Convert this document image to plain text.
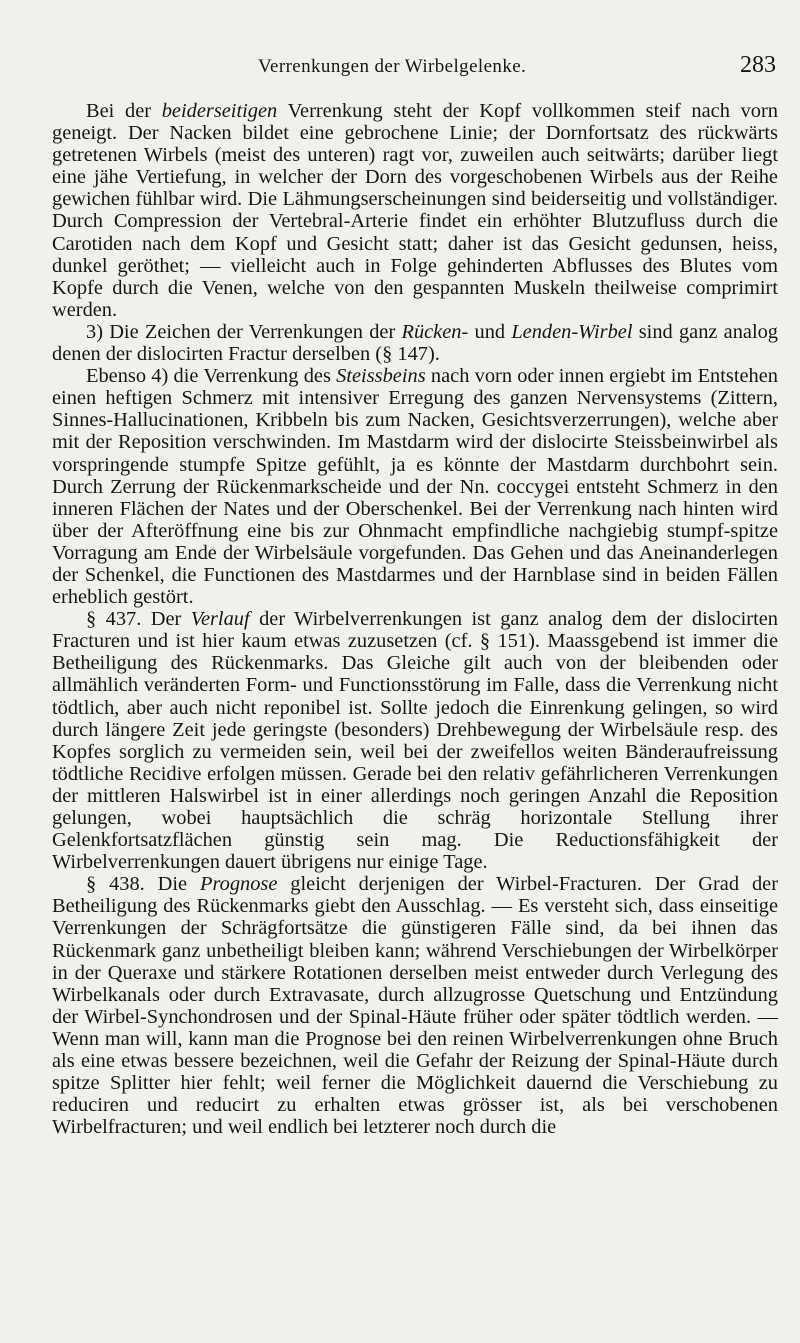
Verrenkungen der Wirbelgelenke.	283

Bei der beiderseitigen Verrenkung steht der Kopf vollkommen steif nach vorn geneigt. Der Nacken bildet eine gebrochene Linie; der Dornfortsatz des rückwärts getretenen Wirbels (meist des unteren) ragt vor, zuweilen auch seitwärts; darüber liegt eine jähe Vertiefung, in welcher der Dorn des vorgeschobenen Wirbels aus der Reihe gewichen fühlbar wird. Die Lähmungserscheinungen sind beiderseitig und vollständiger. Durch Compression der Vertebral-Arterie findet ein erhöhter Blutzufluss durch die Carotiden nach dem Kopf und Gesicht statt; daher ist das Gesicht gedunsen, heiss, dunkel geröthet; — vielleicht auch in Folge gehinderten Abflusses des Blutes vom Kopfe durch die Venen, welche von den gespannten Muskeln theilweise comprimirt werden.

3) Die Zeichen der Verrenkungen der Rücken- und Lenden-Wirbel sind ganz analog denen der dislocirten Fractur derselben (§ 147).

Ebenso 4) die Verrenkung des Steissbeins nach vorn oder innen ergiebt im Entstehen einen heftigen Schmerz mit intensiver Erregung des ganzen Nervensystems (Zittern, Sinnes-Hallucinationen, Kribbeln bis zum Nacken, Gesichtsverzerrungen), welche aber mit der Reposition verschwinden. Im Mastdarm wird der dislocirte Steissbeinwirbel als vorspringende stumpfe Spitze gefühlt, ja es könnte der Mastdarm durchbohrt sein. Durch Zerrung der Rückenmarkscheide und der Nn. coccygei entsteht Schmerz in den inneren Flächen der Nates und der Oberschenkel. Bei der Verrenkung nach hinten wird über der Afteröffnung eine bis zur Ohnmacht empfindliche nachgiebig stumpf-spitze Vorragung am Ende der Wirbelsäule vorgefunden. Das Gehen und das Aneinanderlegen der Schenkel, die Functionen des Mastdarmes und der Harnblase sind in beiden Fällen erheblich gestört.

§ 437. Der Verlauf der Wirbelverrenkungen ist ganz analog dem der dislocirten Fracturen und ist hier kaum etwas zuzusetzen (cf. § 151). Maassgebend ist immer die Betheiligung des Rückenmarks. Das Gleiche gilt auch von der bleibenden oder allmählich veränderten Form- und Functionsstörung im Falle, dass die Verrenkung nicht tödtlich, aber auch nicht reponibel ist. Sollte jedoch die Einrenkung gelingen, so wird durch längere Zeit jede geringste (besonders) Drehbewegung der Wirbelsäule resp. des Kopfes sorglich zu vermeiden sein, weil bei der zweifellos weiten Bänderaufreissung tödtliche Recidive erfolgen müssen. Gerade bei den relativ gefährlicheren Verrenkungen der mittleren Halswirbel ist in einer allerdings noch geringen Anzahl die Reposition gelungen, wobei hauptsächlich die schräg horizontale Stellung ihrer Gelenkfortsatzflächen günstig sein mag. Die Reductionsfähigkeit der Wirbelverrenkungen dauert übrigens nur einige Tage.

§ 438. Die Prognose gleicht derjenigen der Wirbel-Fracturen. Der Grad der Betheiligung des Rückenmarks giebt den Ausschlag. — Es versteht sich, dass einseitige Verrenkungen der Schrägfortsätze die günstigeren Fälle sind, da bei ihnen das Rückenmark ganz unbetheiligt bleiben kann; während Verschiebungen der Wirbelkörper in der Queraxe und stärkere Rotationen derselben meist entweder durch Verlegung des Wirbelkanals oder durch Extravasate, durch allzugrosse Quetschung und Entzündung der Wirbel-Synchondrosen und der Spinal-Häute früher oder später tödtlich werden. — Wenn man will, kann man die Prognose bei den reinen Wirbelverrenkungen ohne Bruch als eine etwas bessere bezeichnen, weil die Gefahr der Reizung der Spinal-Häute durch spitze Splitter hier fehlt; weil ferner die Möglichkeit dauernd die Verschiebung zu reduciren und reducirt zu erhalten etwas grösser ist, als bei verschobenen Wirbelfracturen; und weil endlich bei letzterer noch durch die
